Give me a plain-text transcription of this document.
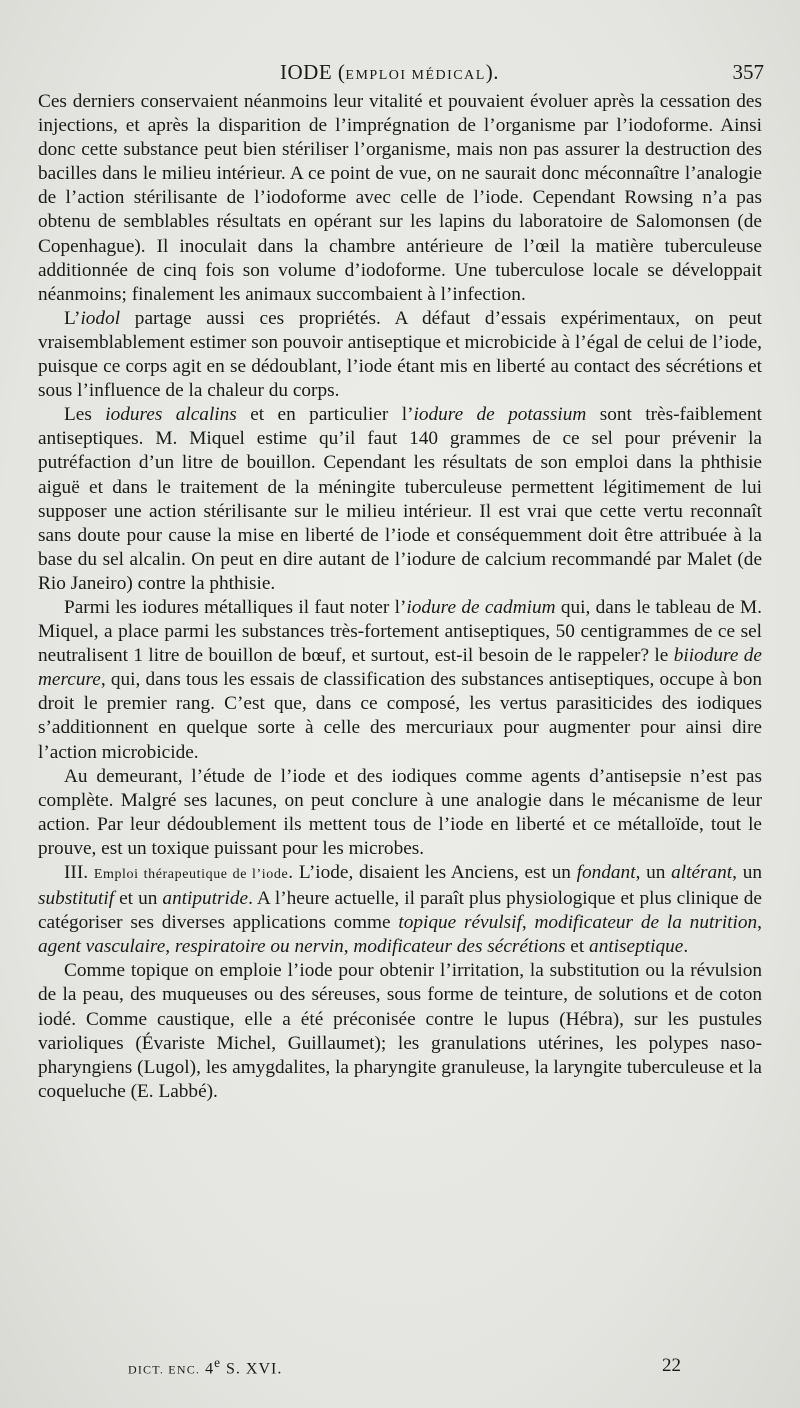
IODE (EMPLOI MÉDICAL).	357

Ces derniers conservaient néanmoins leur vitalité et pouvaient évoluer après la cessation des injections, et après la disparition de l’imprégnation de l’organisme par l’iodoforme. Ainsi donc cette substance peut bien stériliser l’organisme, mais non pas assurer la destruction des bacilles dans le milieu intérieur. A ce point de vue, on ne saurait donc méconnaître l’analogie de l’action stérilisante de l’iodoforme avec celle de l’iode. Cependant Rowsing n’a pas obtenu de semblables résultats en opérant sur les lapins du laboratoire de Salomonsen (de Copenhague). Il inoculait dans la chambre antérieure de l’œil la matière tuberculeuse additionnée de cinq fois son volume d’iodoforme. Une tuberculose locale se développait néanmoins; finalement les animaux succombaient à l’infection.

L’iodol partage aussi ces propriétés. A défaut d’essais expérimentaux, on peut vraisemblablement estimer son pouvoir antiseptique et microbicide à l’égal de celui de l’iode, puisque ce corps agit en se dédoublant, l’iode étant mis en liberté au contact des sécrétions et sous l’influence de la chaleur du corps.

Les iodures alcalins et en particulier l’iodure de potassium sont très-faiblement antiseptiques. M. Miquel estime qu’il faut 140 grammes de ce sel pour prévenir la putréfaction d’un litre de bouillon. Cependant les résultats de son emploi dans la phthisie aiguë et dans le traitement de la méningite tuberculeuse permettent légitimement de lui supposer une action stérilisante sur le milieu intérieur. Il est vrai que cette vertu reconnaît sans doute pour cause la mise en liberté de l’iode et conséquemment doit être attribuée à la base du sel alcalin. On peut en dire autant de l’iodure de calcium recommandé par Malet (de Rio Janeiro) contre la phthisie.

Parmi les iodures métalliques il faut noter l’iodure de cadmium qui, dans le tableau de M. Miquel, a place parmi les substances très-fortement antiseptiques, 50 centigrammes de ce sel neutralisent 1 litre de bouillon de bœuf, et surtout, est-il besoin de le rappeler? le biiodure de mercure, qui, dans tous les essais de classification des substances antiseptiques, occupe à bon droit le premier rang. C’est que, dans ce composé, les vertus parasiticides des iodiques s’additionnent en quelque sorte à celle des mercuriaux pour augmenter pour ainsi dire l’action microbicide.

Au demeurant, l’étude de l’iode et des iodiques comme agents d’antisepsie n’est pas complète. Malgré ses lacunes, on peut conclure à une analogie dans le mécanisme de leur action. Par leur dédoublement ils mettent tous de l’iode en liberté et ce métalloïde, tout le prouve, est un toxique puissant pour les microbes.

III. Emploi thérapeutique de l’iode. L’iode, disaient les Anciens, est un fondant, un altérant, un substitutif et un antiputride. A l’heure actuelle, il paraît plus physiologique et plus clinique de catégoriser ses diverses applications comme topique révulsif, modificateur de la nutrition, agent vasculaire, respiratoire ou nervin, modificateur des sécrétions et antiseptique.

Comme topique on emploie l’iode pour obtenir l’irritation, la substitution ou la révulsion de la peau, des muqueuses ou des séreuses, sous forme de teinture, de solutions et de coton iodé. Comme caustique, elle a été préconisée contre le lupus (Hébra), sur les pustules varioliques (Évariste Michel, Guillaumet); les granulations utérines, les polypes naso-pharyngiens (Lugol), les amygdalites, la pharyngite granuleuse, la laryngite tuberculeuse et la coqueluche (E. Labbé).

DICT. ENC. 4e S. XVI.	22
